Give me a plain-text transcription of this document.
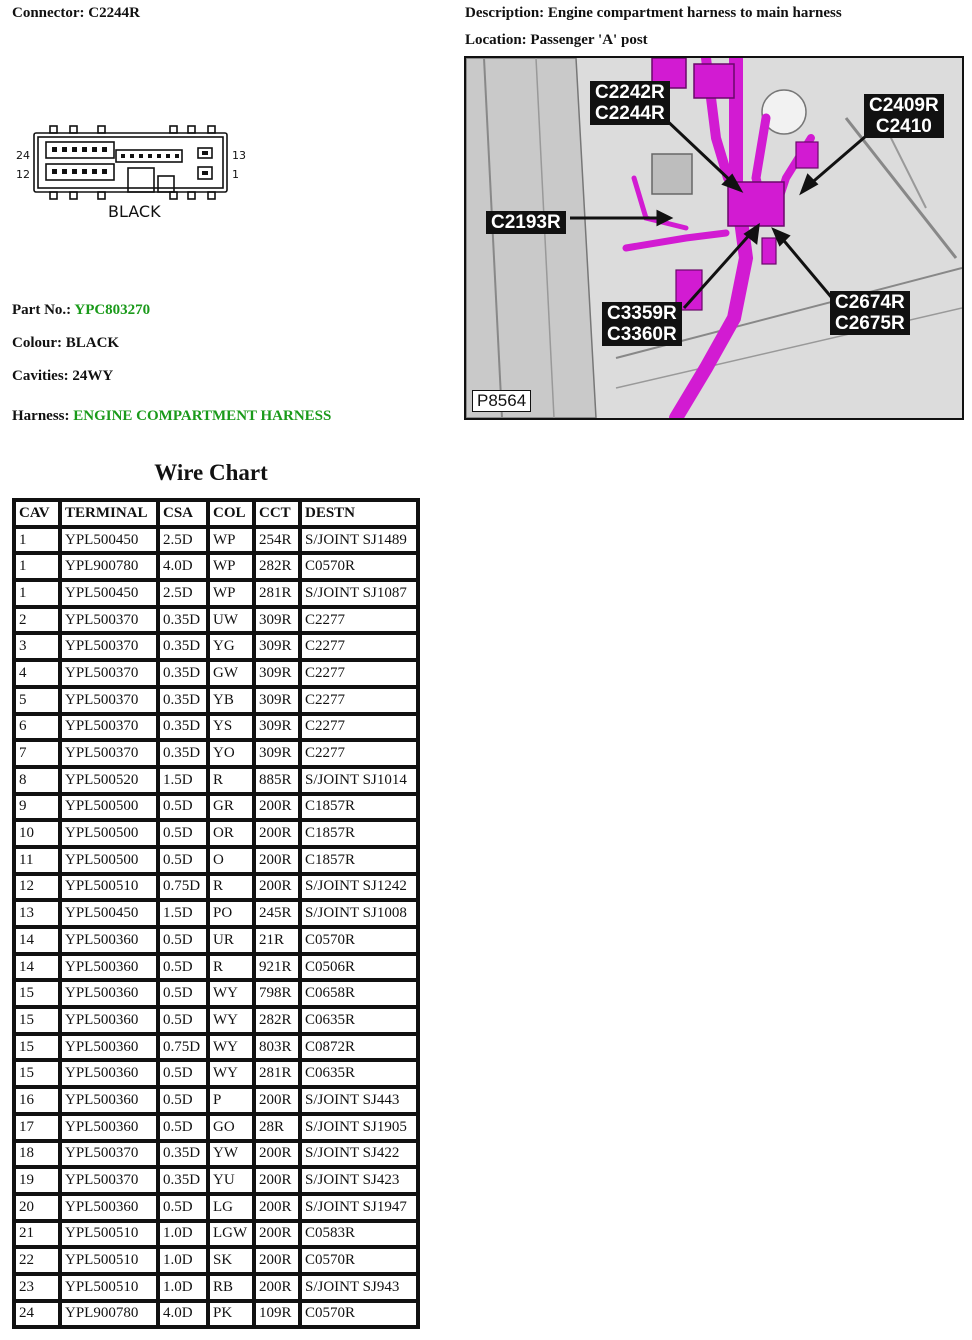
Connector: C2244R	Description: Engine compartment harness to main harness
Location: Passenger 'A' post
24
12
13
1
BLACK
Part No.: YPC803270
Colour: BLACK
Cavities: 24WY
Harness: ENGINE COMPARTMENT HARNESS
C2242R
C2244R	C2409R
C2410
C2193R
C3359R
C3360R
C2674R
C2675R
P8564
Wire Chart
CAV	TERMINAL	CSA	COL	CCT	DESTN
1	YPL500450	2.5D	WP	254R	S/JOINT SJ1489
1	YPL900780	4.0D	WP	282R	C0570R
1	YPL500450	2.5D	WP	281R	S/JOINT SJ1087
2	YPL500370	0.35D	UW	309R	C2277
3	YPL500370	0.35D	YG	309R	C2277
4	YPL500370	0.35D	GW	309R	C2277
5	YPL500370	0.35D	YB	309R	C2277
6	YPL500370	0.35D	YS	309R	C2277
7	YPL500370	0.35D	YO	309R	C2277
8	YPL500520	1.5D	R	885R	S/JOINT SJ1014
9	YPL500500	0.5D	GR	200R	C1857R
10	YPL500500	0.5D	OR	200R	C1857R
11	YPL500500	0.5D	O	200R	C1857R
12	YPL500510	0.75D	R	200R	S/JOINT SJ1242
13	YPL500450	1.5D	PO	245R	S/JOINT SJ1008
14	YPL500360	0.5D	UR	21R	C0570R
14	YPL500360	0.5D	R	921R	C0506R
15	YPL500360	0.5D	WY	798R	C0658R
15	YPL500360	0.5D	WY	282R	C0635R
15	YPL500360	0.75D	WY	803R	C0872R
15	YPL500360	0.5D	WY	281R	C0635R
16	YPL500360	0.5D	P	200R	S/JOINT SJ443
17	YPL500360	0.5D	GO	28R	S/JOINT SJ1905
18	YPL500370	0.35D	YW	200R	S/JOINT SJ422
19	YPL500370	0.35D	YU	200R	S/JOINT SJ423
20	YPL500360	0.5D	LG	200R	S/JOINT SJ1947
21	YPL500510	1.0D	LGW	200R	C0583R
22	YPL500510	1.0D	SK	200R	C0570R
23	YPL500510	1.0D	RB	200R	S/JOINT SJ943
24	YPL900780	4.0D	PK	109R	C0570R
